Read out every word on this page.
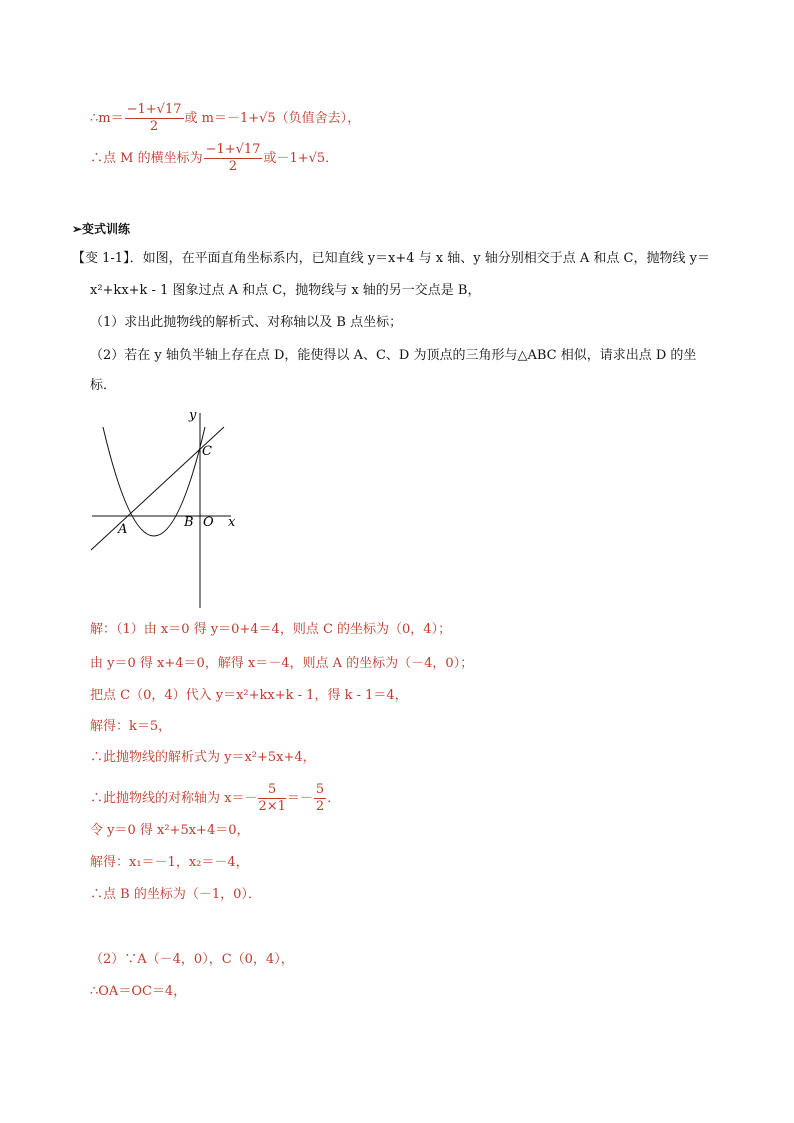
∴m＝ $\frac{-1+√17}{2}$ 或 m＝－1+√5（负值舍去），
∴点 M 的横坐标为 $\frac{-1+√17}{2}$ 或－1+√5．
➢变式训练
【变 1-1】．如图，在平面直角坐标系内，已知直线 y＝x+4 与 x 轴、y 轴分别相交于点 A 和点 C，抛物线 y＝
x²+kx+k - 1 图象过点 A 和点 C，抛物线与 x 轴的另一交点是 B，
（1）求出此抛物线的解析式、对称轴以及 B 点坐标；
（2）若在 y 轴负半轴上存在点 D，能使得以 A、C、D 为顶点的三角形与△ABC 相似，请求出点 D 的坐
标．
y
C
x
A	B O
解：（1）由 x＝0 得 y＝0+4＝4，则点 C 的坐标为（0，4）；
由 y＝0 得 x+4＝0，解得 x＝－4，则点 A 的坐标为（－4，0）；
把点 C（0，4）代入 y＝x²+kx+k - 1，得 k - 1＝4，
解得：k＝5，
∴此抛物线的解析式为 y＝x²+5x+4，
∴此抛物线的对称轴为 $x=- \frac{5}{2\times 1} =- \frac{5}{2}$ ．
令 y＝0 得 x²+5x+4＝0，
解得：x₁＝－1，x₂＝－4，
∴点 B 的坐标为（－1，0）．
（2）∵A（－4，0），C（0，4），
∴OA＝OC＝4，
